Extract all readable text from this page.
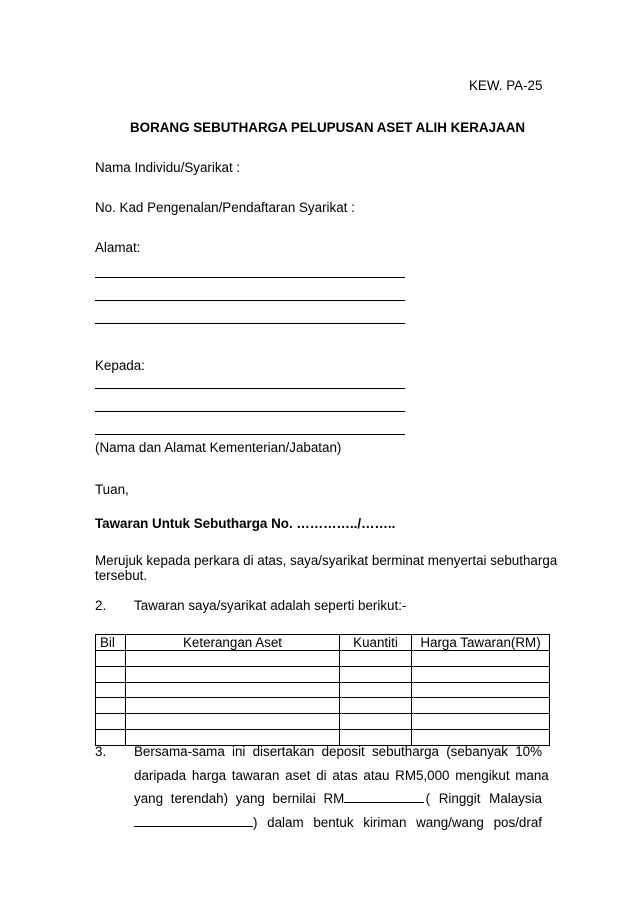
KEW. PA-25
BORANG SEBUTHARGA PELUPUSAN ASET ALIH KERAJAAN
Nama Individu/Syarikat :
No. Kad Pengenalan/Pendaftaran Syarikat :
Alamat:
Kepada:
(Nama dan Alamat Kementerian/Jabatan)
Tuan,
Tawaran Untuk Sebutharga No. …………../……..
Merujuk kepada perkara di atas, saya/syarikat berminat menyertai sebutharga
tersebut.
2. Tawaran saya/syarikat adalah seperti berikut:-
Bil	Keterangan Aset	Kuantiti	Harga Tawaran(RM)

3. Bersama-sama ini disertakan deposit sebutharga (sebanyak 10%
daripada harga tawaran aset di atas atau RM5,000 mengikut mana
yang terendah) yang bernilai RM	( Ringgit Malaysia
) dalam bentuk kiriman wang/wang pos/draf
